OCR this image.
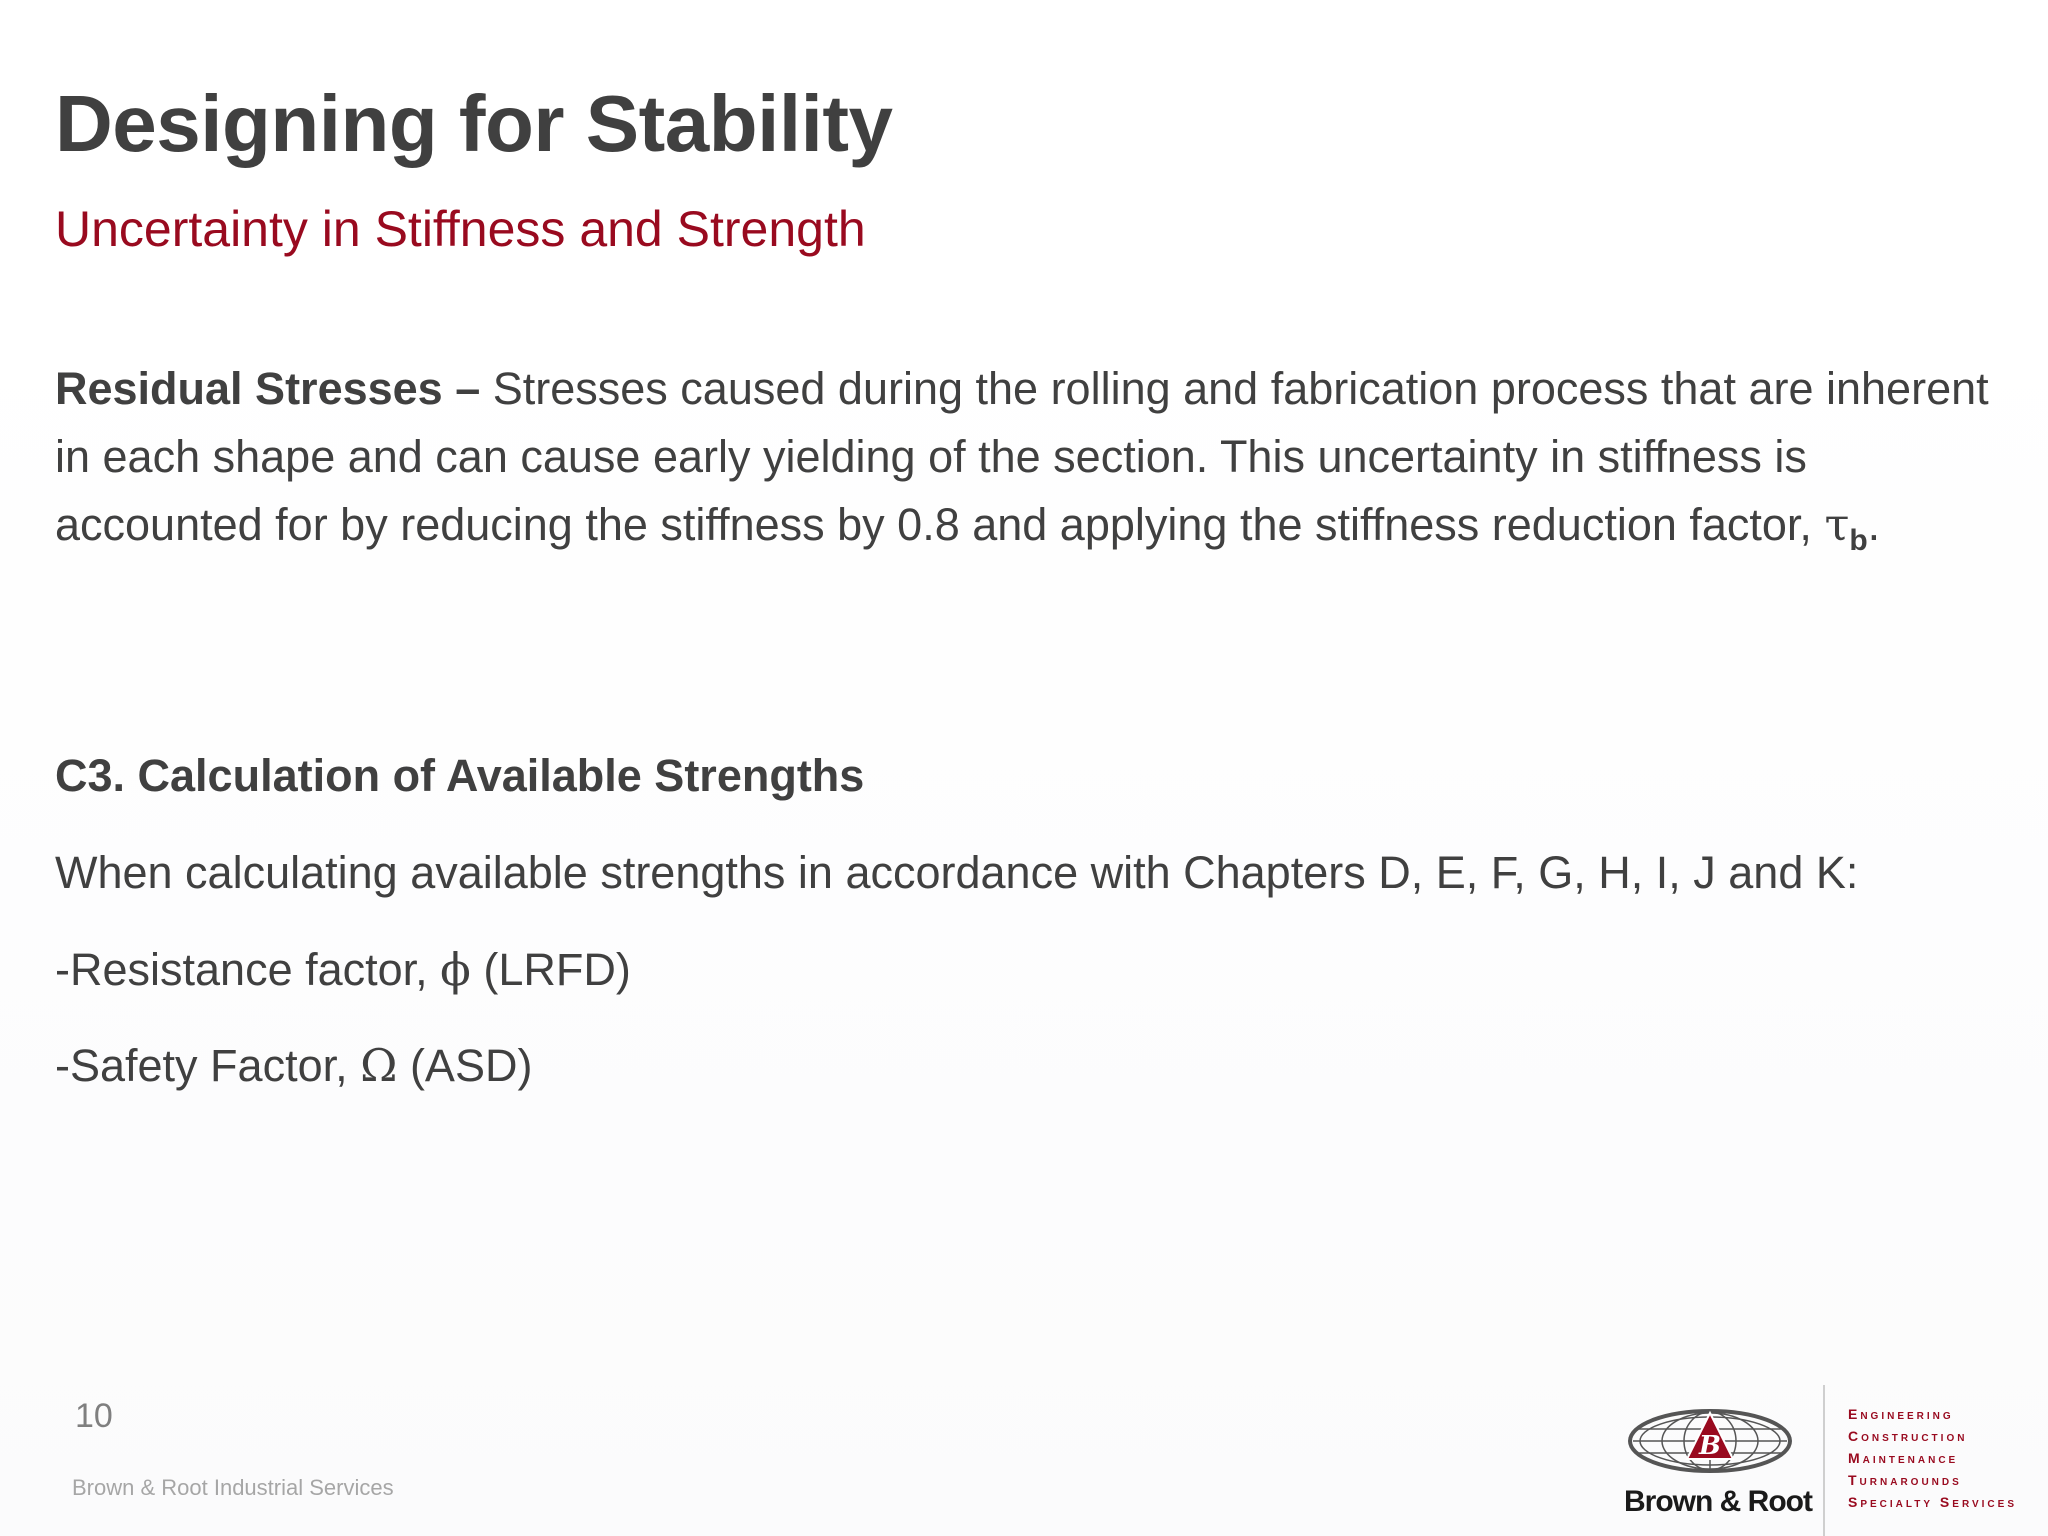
Designing for Stability
Uncertainty in Stiffness and Strength
Residual Stresses – Stresses caused during the rolling and fabrication process that are inherent in each shape and can cause early yielding of the section. This uncertainty in stiffness is accounted for by reducing the stiffness by 0.8 and applying the stiffness reduction factor, $\tau_b$.
C3. Calculation of Available Strengths
When calculating available strengths in accordance with Chapters D, E, F, G, H, I, J and K:
-Resistance factor, ϕ (LRFD)
-Safety Factor, Ω (ASD)
10
Brown & Root Industrial Services
B
Brown & Root
Engineering
Construction
Maintenance
Turnarounds
Specialty Services
